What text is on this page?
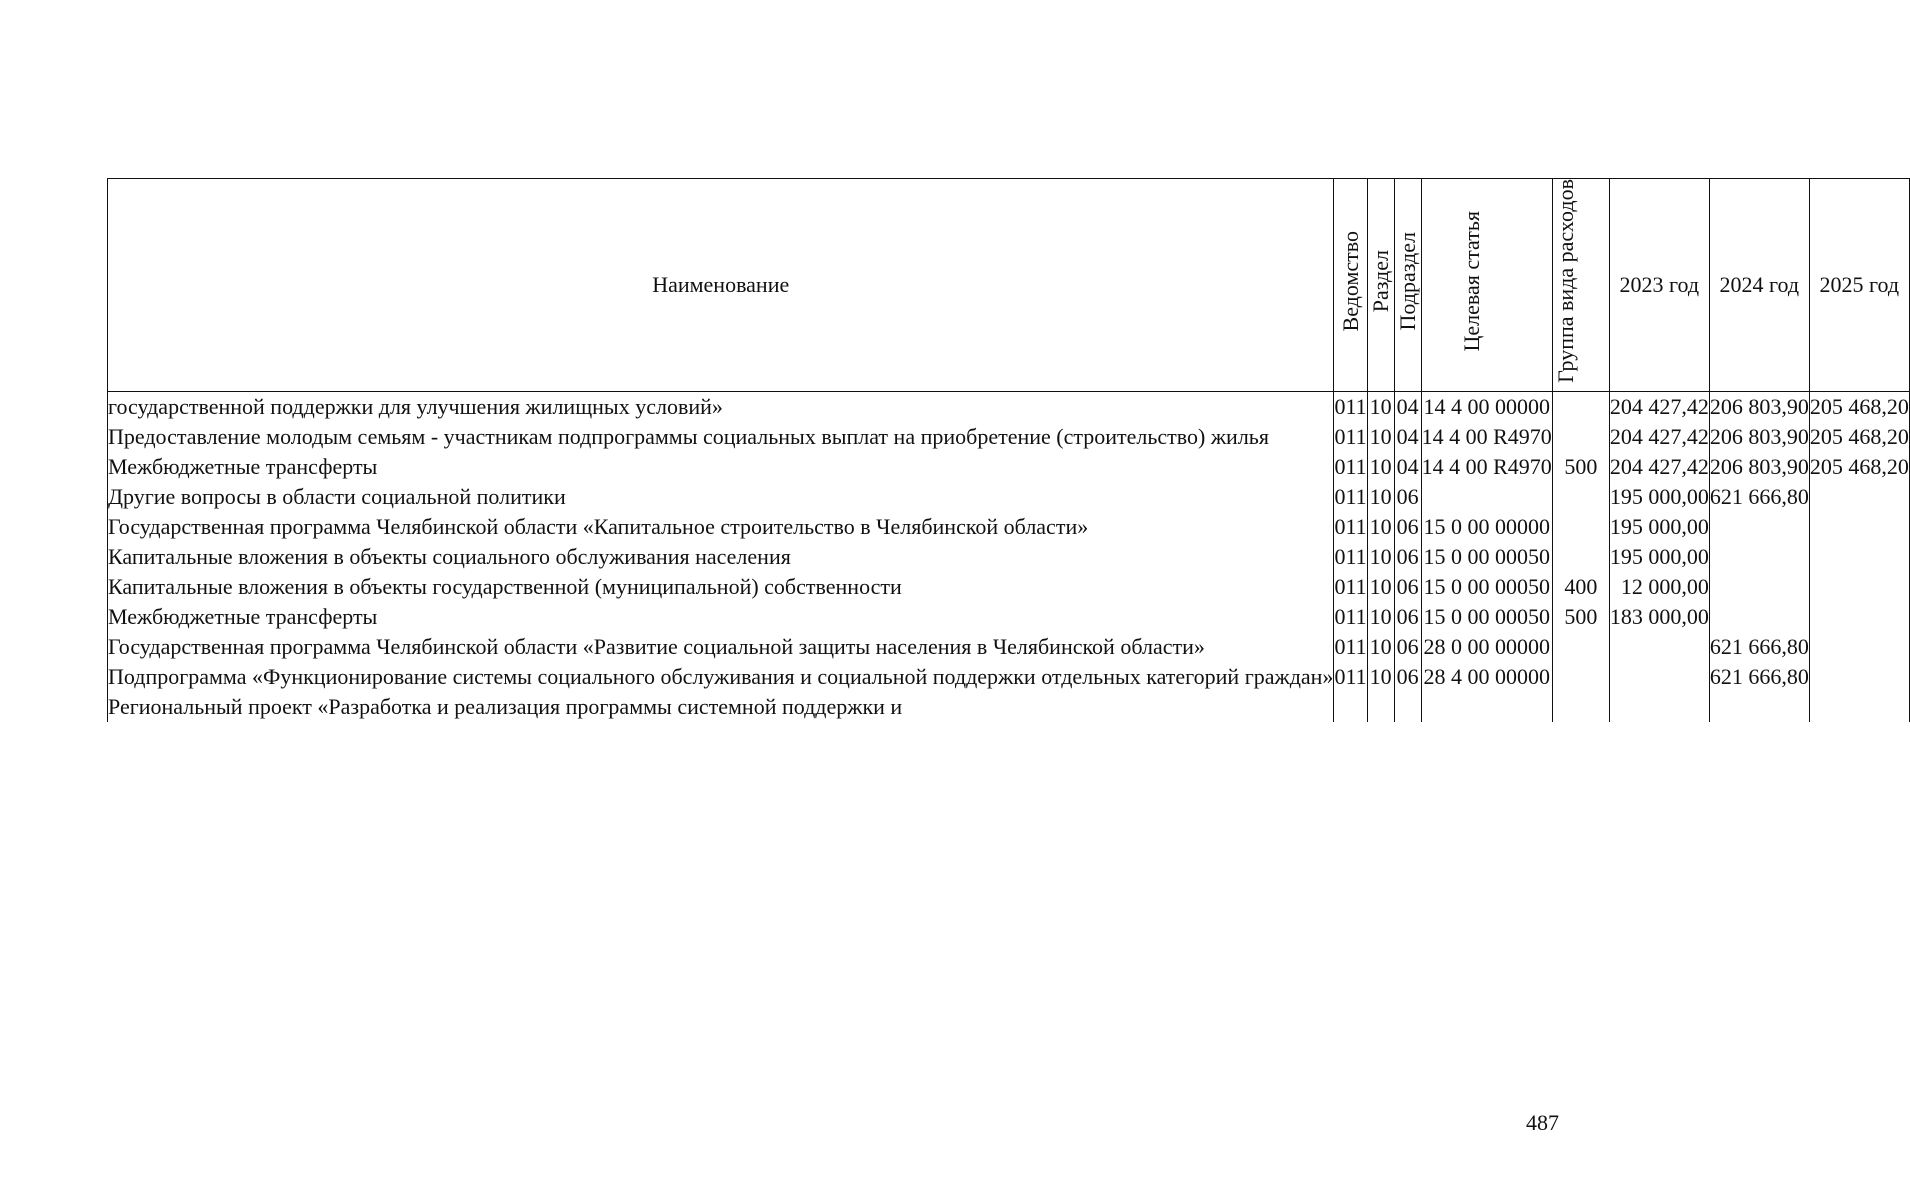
Наименование	Ведомство	Раздел	Подраздел	Целевая статья	Группа вида расходов	2023 год	2024 год	2025 год
государственной поддержки для улучшения жилищных условий»	011	10	04	14 4 00 00000		204 427,42	206 803,90	205 468,20
Предоставление молодым семьям - участникам подпрограммы социальных выплат на приобретение (строительство) жилья	011	10	04	14 4 00 R4970		204 427,42	206 803,90	205 468,20
Межбюджетные трансферты	011	10	04	14 4 00 R4970	500	204 427,42	206 803,90	205 468,20
Другие вопросы в области социальной политики	011	10	06			195 000,00	621 666,80	
Государственная программа Челябинской области «Капитальное строительство в Челябинской области»	011	10	06	15 0 00 00000		195 000,00		
Капитальные вложения в объекты социального обслуживания населения	011	10	06	15 0 00 00050		195 000,00		
Капитальные вложения в объекты государственной (муниципальной) собственности	011	10	06	15 0 00 00050	400	12 000,00		
Межбюджетные трансферты	011	10	06	15 0 00 00050	500	183 000,00		
Государственная программа Челябинской области «Развитие социальной защиты населения в Челябинской области»	011	10	06	28 0 00 00000			621 666,80	
Подпрограмма «Функционирование системы социального обслуживания и социальной поддержки отдельных категорий граждан»	011	10	06	28 4 00 00000			621 666,80	
Региональный проект «Разработка и реализация программы системной поддержки и								
487
